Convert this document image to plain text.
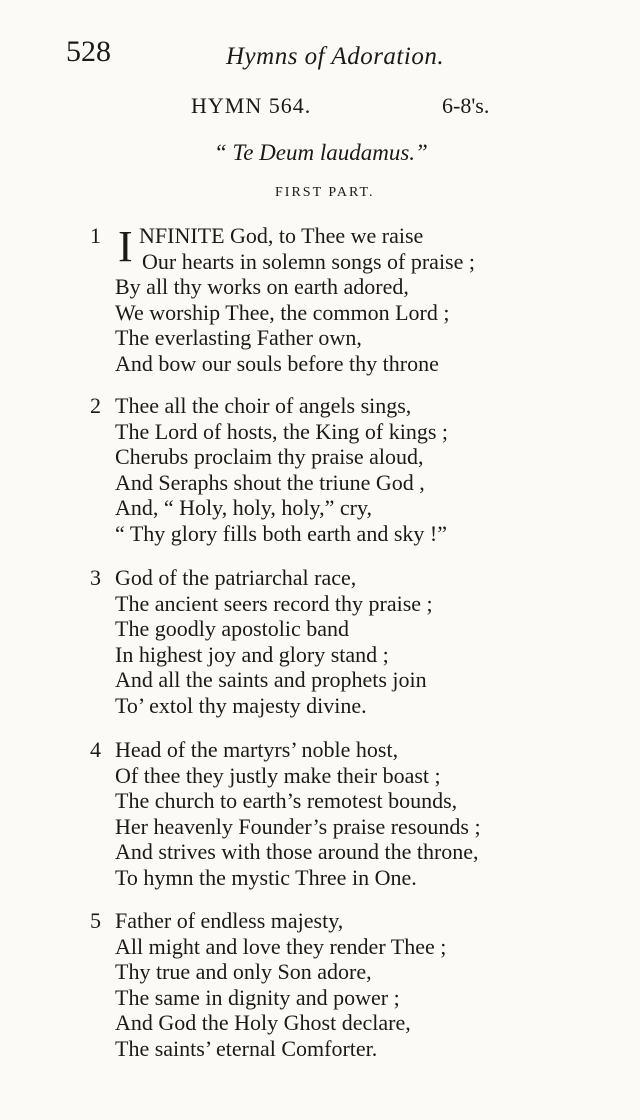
528	Hymns of Adoration.
HYMN 564.	6-8's.
“ Te Deum laudamus.”
FIRST PART.
1 I NFINITE God, to Thee we raise
Our hearts in solemn songs of praise ;
By all thy works on earth adored,
We worship Thee, the common Lord ;
The everlasting Father own,
And bow our souls before thy throne
2 Thee all the choir of angels sings,
The Lord of hosts, the King of kings ;
Cherubs proclaim thy praise aloud,
And Seraphs shout the triune God ,
And, “ Holy, holy, holy,” cry,
“ Thy glory fills both earth and sky !”
3 God of the patriarchal race,
The ancient seers record thy praise ;
The goodly apostolic band
In highest joy and glory stand ;
And all the saints and prophets join
To’ extol thy majesty divine.
4 Head of the martyrs’ noble host,
Of thee they justly make their boast ;
The church to earth’s remotest bounds,
Her heavenly Founder’s praise resounds ;
And strives with those around the throne,
To hymn the mystic Three in One.
5 Father of endless majesty,
All might and love they render Thee ;
Thy true and only Son adore,
The same in dignity and power ;
And God the Holy Ghost declare,
The saints’ eternal Comforter.
